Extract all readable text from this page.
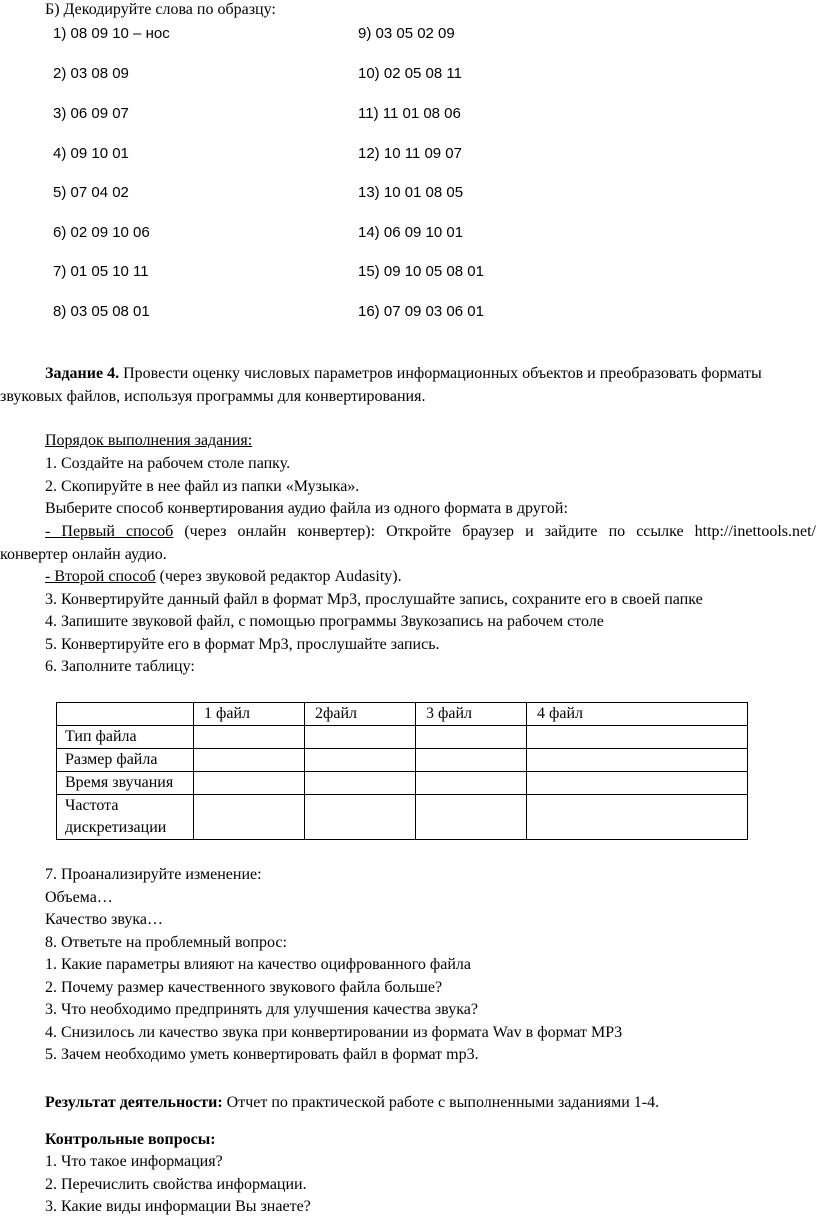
Б) Декодируйте слова по образцу:
1) 08 09 10 – нос
2) 03 08 09
3) 06 09 07
4) 09 10 01
5) 07 04 02
6) 02 09 10 06
7) 01 05 10 11
8) 03 05 08 01
9) 03 05 02 09
10) 02 05 08 11
11) 11 01 08 06
12) 10 11 09 07
13) 10 01 08 05
14) 06 09 10 01
15) 09 10 05 08 01
16) 07 09 03 06 01
Задание 4. Провести оценку числовых параметров информационных объектов и преобразовать форматы
звуковых файлов, используя программы для конвертирования.
Порядок выполнения задания:
1. Создайте на рабочем столе папку.
2. Скопируйте в нее файл из папки «Музыка».
Выберите способ конвертирования аудио файла из одного формата в другой:
- Первый способ (через онлайн конвертер): Откройте браузер и зайдите по ссылке http://inettools.net/
конвертер онлайн аудио.
- Второй способ (через звуковой редактор Audasity).
3. Конвертируйте данный файл в формат Mp3, прослушайте запись, сохраните его в своей папке
4. Запишите звуковой файл, с помощью программы Звукозапись на рабочем столе
5. Конвертируйте его в формат Mp3, прослушайте запись.
6. Заполните таблицу:
	1 файл	2файл	3 файл	4 файл
Тип файла				
Размер файла				
Время звучания				
Частота
дискретизации				
7. Проанализируйте изменение:
Объема…
Качество звука…
8. Ответьте на проблемный вопрос:
1. Какие параметры влияют на качество оцифрованного файла
2. Почему размер качественного звукового файла больше?
3. Что необходимо предпринять для улучшения качества звука?
4. Снизилось ли качество звука при конвертировании из формата Wav в формат MP3
5. Зачем необходимо уметь конвертировать файл в формат mp3.
Результат деятельности: Отчет по практической работе с выполненными заданиями 1-4.
Контрольные вопросы:
1. Что такое информация?
2. Перечислить свойства информации.
3. Какие виды информации Вы знаете?
